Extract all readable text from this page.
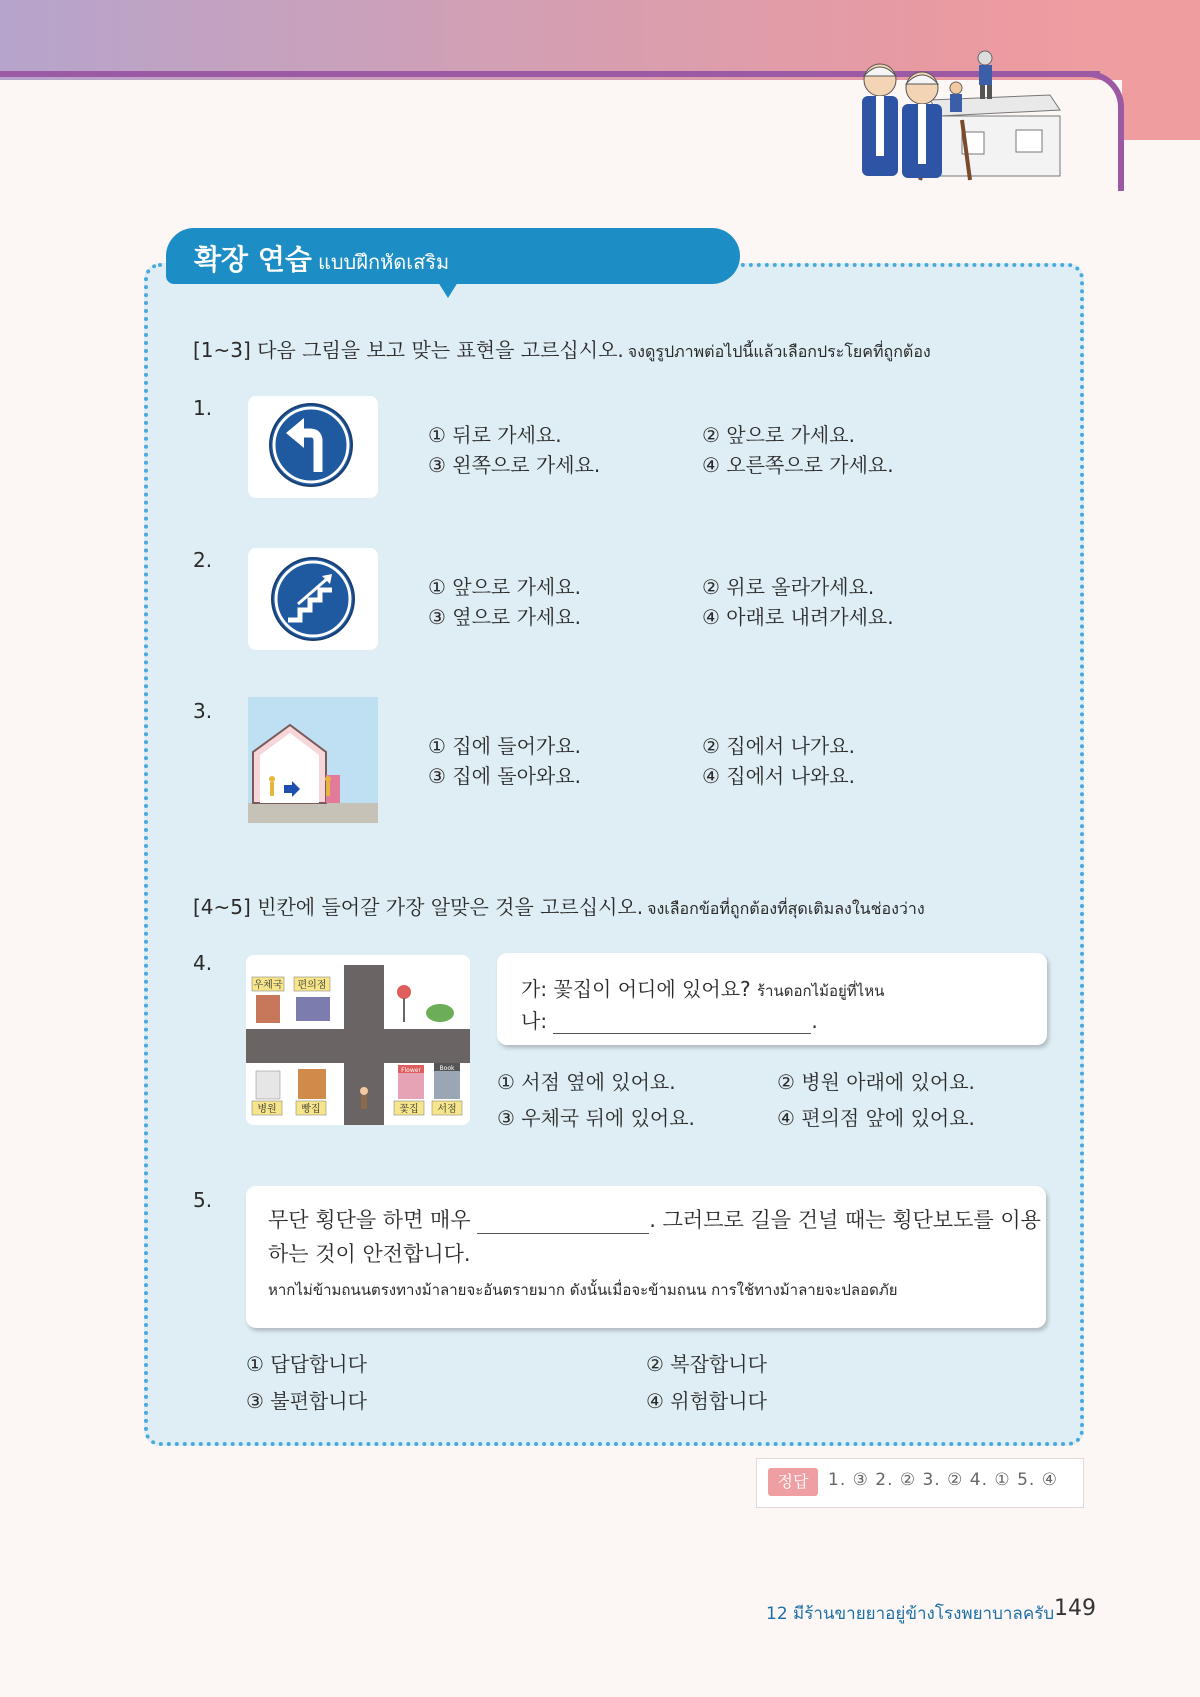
확장 연습 แบบฝึกหัดเสริม
[1~3] 다음 그림을 보고 맞는 표현을 고르십시오. จงดูรูปภาพต่อไปนี้แล้วเลือกประโยคที่ถูกต้อง
1.
① 뒤로 가세요.	② 앞으로 가세요.
③ 왼쪽으로 가세요.	④ 오른쪽으로 가세요.
2.
① 앞으로 가세요.	② 위로 올라가세요.
③ 옆으로 가세요.	④ 아래로 내려가세요.
3.
① 집에 들어가요.	② 집에서 나가요.
③ 집에 돌아와요.	④ 집에서 나와요.
[4~5] 빈칸에 들어갈 가장 알맞은 것을 고르십시오. จงเลือกข้อที่ถูกต้องที่สุดเติมลงในช่องว่าง
4.
우체국 편의점
Flower	Book
병원 빵집	꽃집 서점
가: 꽃집이 어디에 있어요? ร้านดอกไม้อยู่ที่ไหน
나:	.
① 서점 옆에 있어요.	② 병원 아래에 있어요.
③ 우체국 뒤에 있어요.	④ 편의점 앞에 있어요.
5.
무단 횡단을 하면 매우	. 그러므로 길을 건널 때는 횡단보도를 이용
하는 것이 안전합니다.
หากไม่ข้ามถนนตรงทางม้าลายจะอันตรายมาก ดังนั้นเมื่อจะข้ามถนน การใช้ทางม้าลายจะปลอดภัย
① 답답합니다	② 복잡합니다
③ 불편합니다	④ 위험합니다
정답	1. ③ 2. ② 3. ② 4. ① 5. ④
12 มีร้านขายยาอยู่ข้างโรงพยาบาลครับ 149
